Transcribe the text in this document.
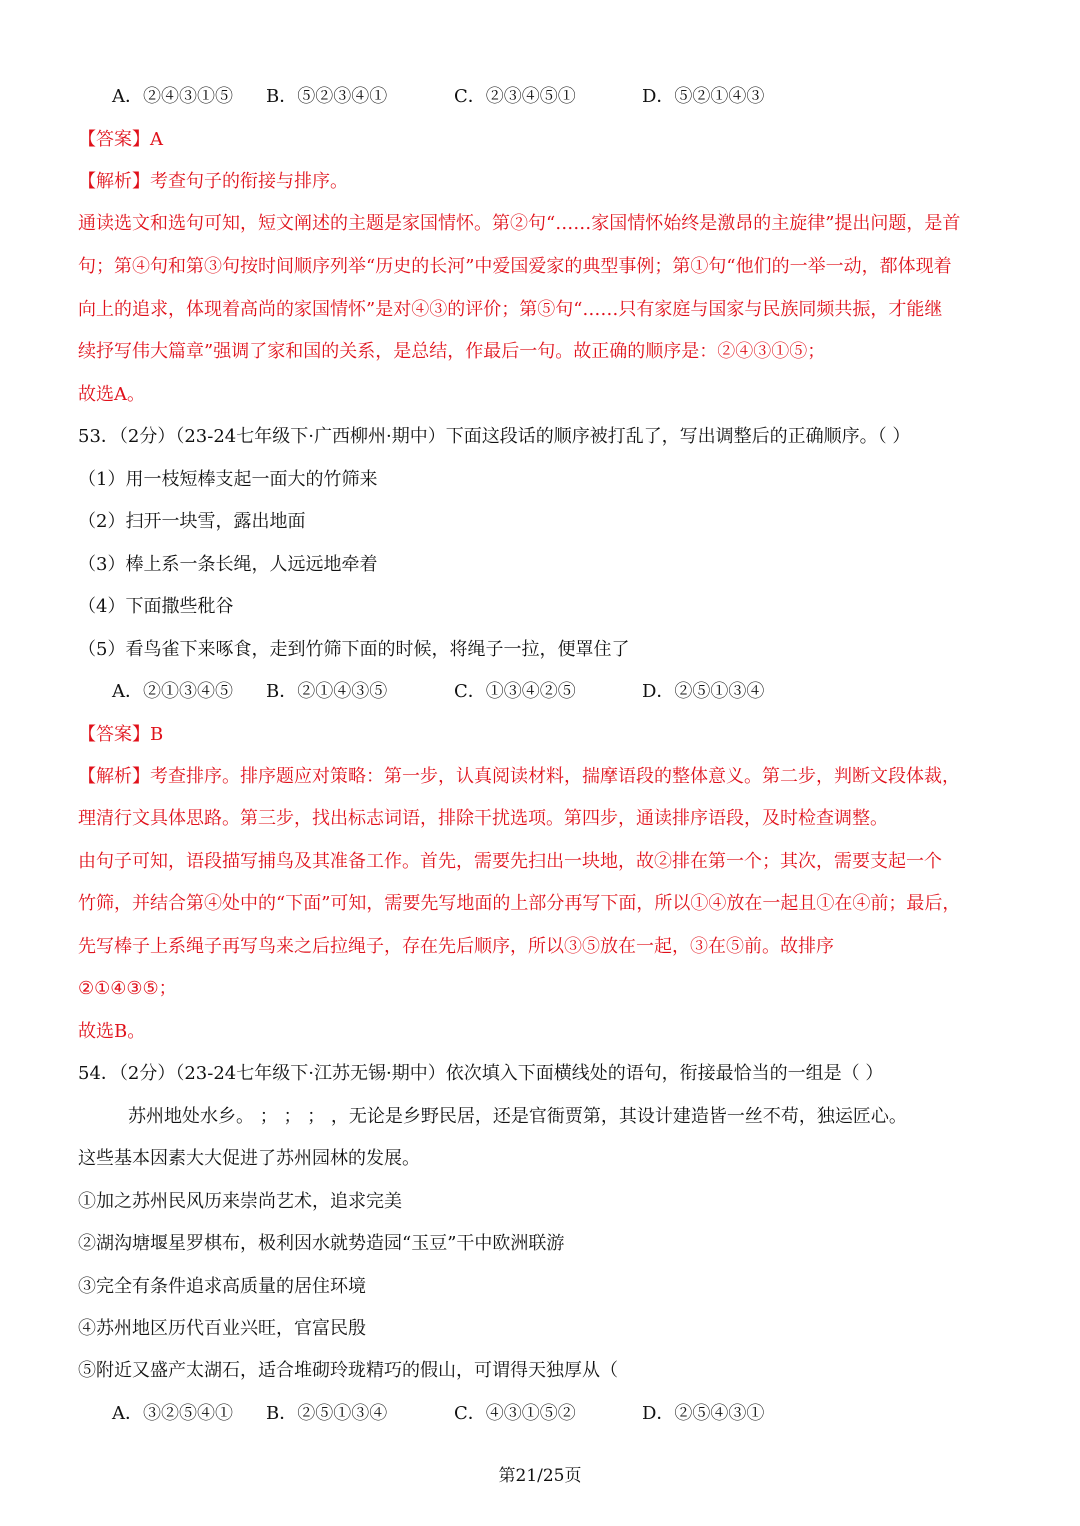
A．②④③①⑤ B．⑤②③④①	C．②③④⑤①	D．⑤②①④③
【答案】A
【解析】考查句子的衔接与排序。
通读选文和选句可知，短文阐述的主题是家国情怀。第②句“……家国情怀始终是激昂的主旋律”提出问题，是首
句；第④句和第③句按时间顺序列举“历史的长河”中爱国爱家的典型事例；第①句“他们的一举一动，都体现着
向上的追求，体现着高尚的家国情怀”是对④③的评价；第⑤句“……只有家庭与国家与民族同频共振，才能继
续抒写伟大篇章”强调了家和国的关系，是总结，作最后一句。故正确的顺序是：②④③①⑤；
故选A。
53．（2分）（23-24七年级下·广西柳州·期中）下面这段话的顺序被打乱了，写出调整后的正确顺序。（ ）
（1）用一枝短棒支起一面大的竹筛来
（2）扫开一块雪，露出地面
（3）棒上系一条长绳，人远远地牵着
（4）下面撒些秕谷
（5）看鸟雀下来啄食，走到竹筛下面的时候，将绳子一拉，便罩住了
A．②①③④⑤ B．②①④③⑤	C．①③④②⑤	D．②⑤①③④
【答案】B
【解析】考查排序。排序题应对策略：第一步，认真阅读材料，揣摩语段的整体意义。第二步，判断文段体裁，
理清行文具体思路。第三步，找出标志词语，排除干扰选项。第四步，通读排序语段，及时检查调整。
由句子可知，语段描写捕鸟及其准备工作。首先，需要先扫出一块地，故②排在第一个；其次，需要支起一个
竹筛，并结合第④处中的“下面”可知，需要先写地面的上部分再写下面，所以①④放在一起且①在④前；最后，
先写棒子上系绳子再写鸟来之后拉绳子，存在先后顺序，所以③⑤放在一起，③在⑤前。故排序
②①④③⑤；
故选B。
54．（2分）（23-24七年级下·江苏无锡·期中）依次填入下面横线处的语句，衔接最恰当的一组是（ ）
苏州地处水乡。 ； ； ； ，无论是乡野民居，还是官衙贾第，其设计建造皆一丝不苟，独运匠心。
这些基本因素大大促进了苏州园林的发展。
①加之苏州民风历来崇尚艺术，追求完美
②湖沟塘堰星罗棋布，极利因水就势造园“玉豆”干中欧洲联游
③完全有条件追求高质量的居住环境
④苏州地区历代百业兴旺，官富民殷
⑤附近又盛产太湖石，适合堆砌玲珑精巧的假山，可谓得天独厚从（
A．③②⑤④① B．②⑤①③④	C．④③①⑤②	D．②⑤④③①
第21/25页
